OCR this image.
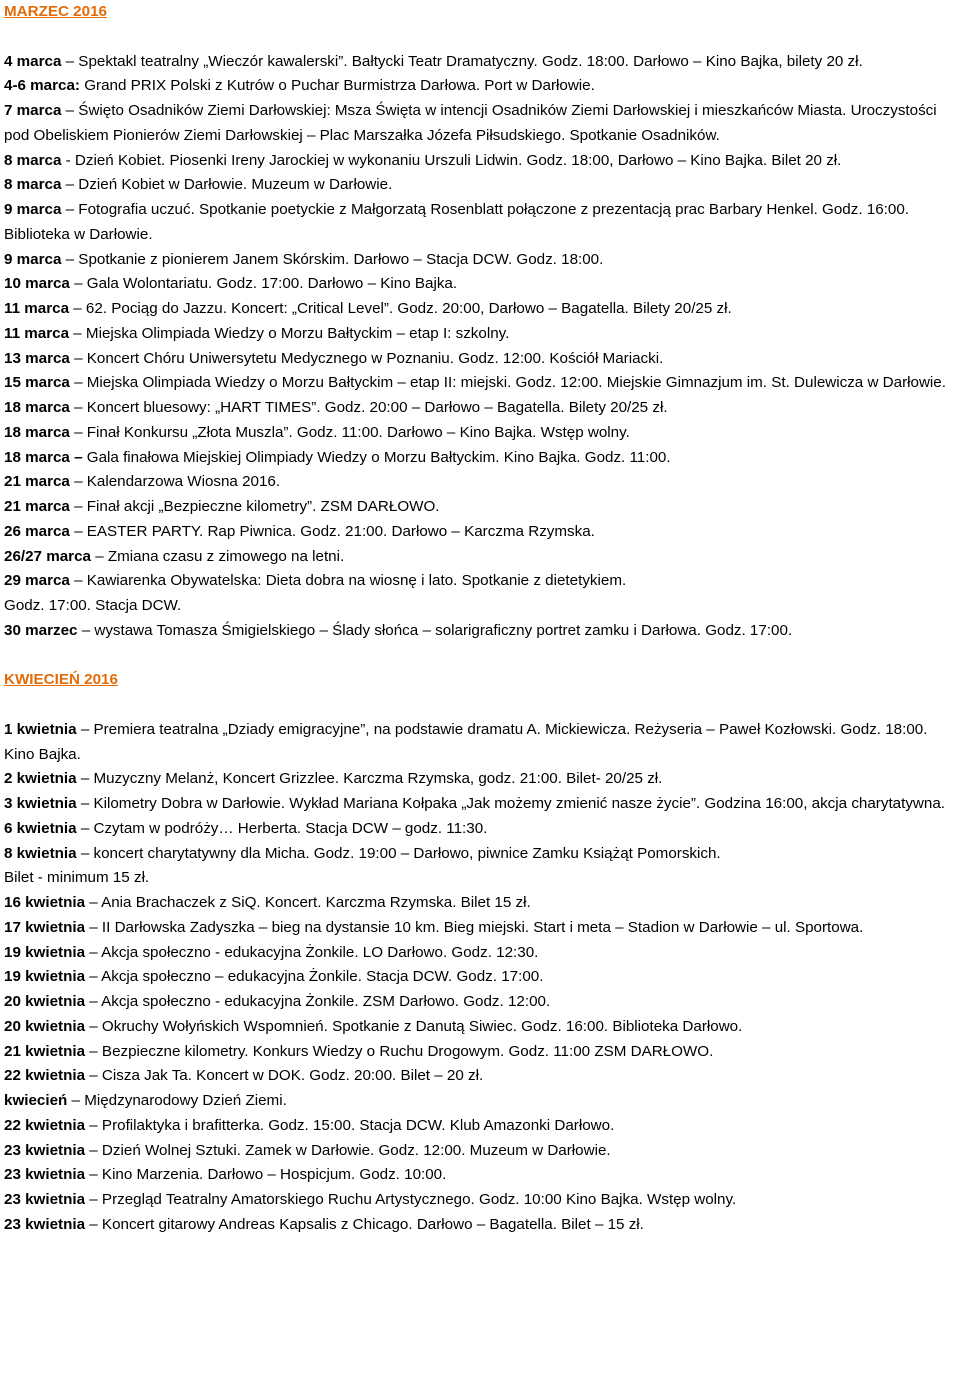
MARZEC 2016
4 marca – Spektakl teatralny „Wieczór kawalerski”. Bałtycki Teatr Dramatyczny. Godz. 18:00. Darłowo – Kino Bajka, bilety 20 zł.
4-6 marca: Grand PRIX Polski z Kutrów o Puchar Burmistrza Darłowa. Port w Darłowie.
7 marca – Święto Osadników Ziemi Darłowskiej: Msza Święta w intencji Osadników Ziemi Darłowskiej i mieszkańców Miasta. Uroczystości pod Obeliskiem Pionierów Ziemi Darłowskiej – Plac Marszałka Józefa Piłsudskiego. Spotkanie Osadników.
8 marca - Dzień Kobiet. Piosenki Ireny Jarockiej w wykonaniu Urszuli Lidwin. Godz. 18:00, Darłowo – Kino Bajka. Bilet 20 zł.
8 marca – Dzień Kobiet w Darłowie. Muzeum w Darłowie.
9 marca – Fotografia uczuć. Spotkanie poetyckie z Małgorzatą Rosenblatt połączone z prezentacją prac Barbary Henkel. Godz. 16:00. Biblioteka w Darłowie.
9 marca – Spotkanie z pionierem Janem Skórskim. Darłowo – Stacja DCW. Godz. 18:00.
10 marca – Gala Wolontariatu. Godz. 17:00. Darłowo – Kino Bajka.
11 marca – 62. Pociąg do Jazzu. Koncert: „Critical Level”. Godz. 20:00, Darłowo – Bagatella. Bilety 20/25 zł.
11 marca – Miejska Olimpiada Wiedzy o Morzu Bałtyckim – etap I: szkolny.
13 marca – Koncert Chóru Uniwersytetu Medycznego w Poznaniu. Godz. 12:00. Kościół Mariacki.
15 marca – Miejska Olimpiada Wiedzy o Morzu Bałtyckim – etap II: miejski. Godz. 12:00. Miejskie Gimnazjum im. St. Dulewicza w Darłowie.
18 marca – Koncert bluesowy: „HART TIMES”. Godz. 20:00 – Darłowo – Bagatella. Bilety 20/25 zł.
18 marca – Finał Konkursu „Złota Muszla”. Godz. 11:00. Darłowo – Kino Bajka. Wstęp wolny.
18 marca – Gala finałowa Miejskiej Olimpiady Wiedzy o Morzu Bałtyckim. Kino Bajka. Godz. 11:00.
21 marca – Kalendarzowa Wiosna 2016.
21 marca – Finał akcji „Bezpieczne kilometry”. ZSM DARŁOWO.
26 marca – EASTER PARTY. Rap Piwnica. Godz. 21:00. Darłowo – Karczma Rzymska.
26/27 marca – Zmiana czasu z zimowego na letni.
29 marca – Kawiarenka Obywatelska: Dieta dobra na wiosnę i lato. Spotkanie z dietetykiem.
Godz. 17:00. Stacja DCW.
30 marzec – wystawa Tomasza Śmigielskiego – Ślady słońca – solarigraficzny portret zamku i Darłowa. Godz. 17:00.
KWIECIEŃ 2016
1 kwietnia – Premiera teatralna „Dziady emigracyjne”, na podstawie dramatu A. Mickiewicza. Reżyseria – Paweł Kozłowski. Godz. 18:00. Kino Bajka.
2 kwietnia – Muzyczny Melanż, Koncert Grizzlee. Karczma Rzymska, godz. 21:00. Bilet- 20/25 zł.
3 kwietnia – Kilometry Dobra w Darłowie. Wykład Mariana Kołpaka „Jak możemy zmienić nasze życie”. Godzina 16:00, akcja charytatywna.
6 kwietnia – Czytam w podróży… Herberta. Stacja DCW – godz. 11:30.
8 kwietnia – koncert charytatywny dla Micha. Godz. 19:00 – Darłowo, piwnice Zamku Książąt Pomorskich.
Bilet - minimum 15 zł.
16 kwietnia – Ania Brachaczek z SiQ. Koncert. Karczma Rzymska. Bilet 15 zł.
17 kwietnia – II Darłowska Zadyszka – bieg na dystansie 10 km. Bieg miejski. Start i meta – Stadion w Darłowie – ul. Sportowa.
19 kwietnia – Akcja społeczno - edukacyjna Żonkile. LO Darłowo. Godz. 12:30.
19 kwietnia – Akcja społeczno – edukacyjna Żonkile. Stacja DCW. Godz. 17:00.
20 kwietnia – Akcja społeczno - edukacyjna Żonkile. ZSM Darłowo. Godz. 12:00.
20 kwietnia – Okruchy Wołyńskich Wspomnień. Spotkanie z Danutą Siwiec. Godz. 16:00. Biblioteka Darłowo.
21 kwietnia – Bezpieczne kilometry. Konkurs Wiedzy o Ruchu Drogowym. Godz. 11:00 ZSM DARŁOWO.
22 kwietnia – Cisza Jak Ta. Koncert w DOK. Godz. 20:00. Bilet – 20 zł.
kwiecień – Międzynarodowy Dzień Ziemi.
22 kwietnia – Profilaktyka i brafitterka. Godz. 15:00. Stacja DCW. Klub Amazonki Darłowo.
23 kwietnia – Dzień Wolnej Sztuki. Zamek w Darłowie. Godz. 12:00. Muzeum w Darłowie.
23 kwietnia – Kino Marzenia. Darłowo – Hospicjum. Godz. 10:00.
23 kwietnia – Przegląd Teatralny Amatorskiego Ruchu Artystycznego. Godz. 10:00 Kino Bajka. Wstęp wolny.
23 kwietnia – Koncert gitarowy Andreas Kapsalis z Chicago. Darłowo – Bagatella. Bilet – 15 zł.
